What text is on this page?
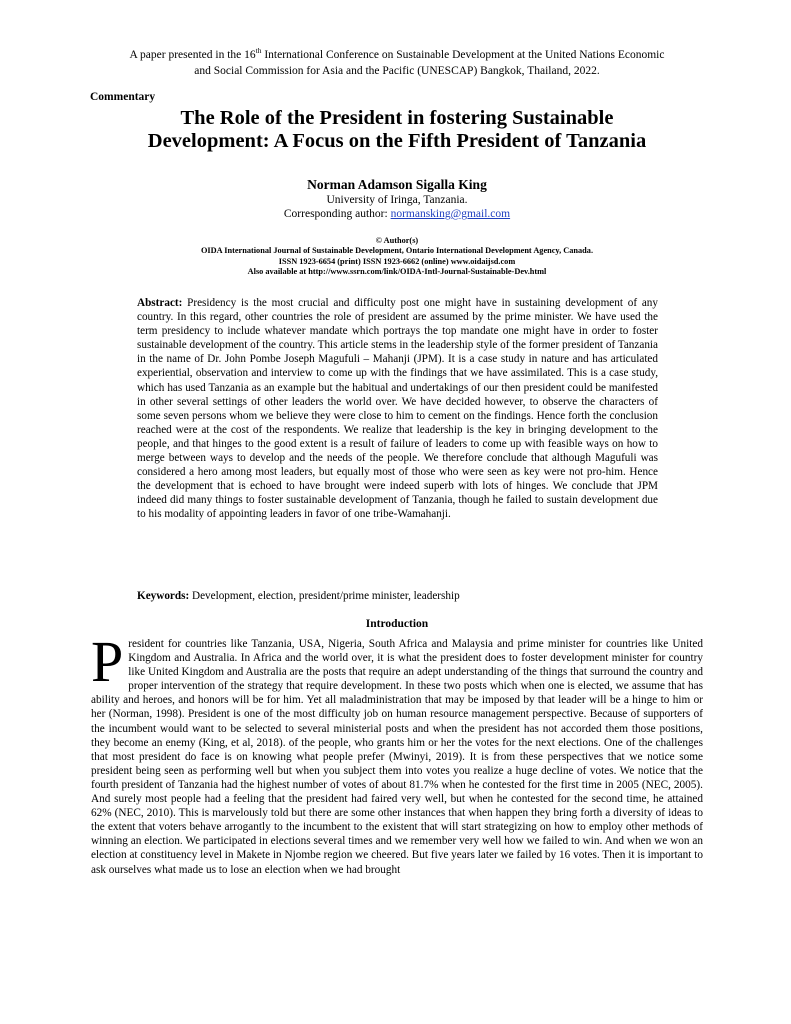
A paper presented in the 16th International Conference on Sustainable Development at the United Nations Economic
and Social Commission for Asia and the Pacific (UNESCAP) Bangkok, Thailand, 2022.
Commentary
The Role of the President in fostering Sustainable
Development: A Focus on the Fifth President of Tanzania
Norman Adamson Sigalla King
University of Iringa, Tanzania.
Corresponding author: normansking@gmail.com
© Author(s)
OIDA International Journal of Sustainable Development, Ontario International Development Agency, Canada.
ISSN 1923-6654 (print) ISSN 1923-6662 (online) www.oidaijsd.com
Also available at http://www.ssrn.com/link/OIDA-Intl-Journal-Sustainable-Dev.html
Abstract: Presidency is the most crucial and difficulty post one might have in sustaining development of any country. In this regard, other countries the role of president are assumed by the prime minister. We have used the term presidency to include whatever mandate which portrays the top mandate one might have in order to foster sustainable development of the country. This article stems in the leadership style of the former president of Tanzania in the name of Dr. John Pombe Joseph Magufuli – Mahanji (JPM). It is a case study in nature and has articulated experiential, observation and interview to come up with the findings that we have assimilated. This is a case study, which has used Tanzania as an example but the habitual and undertakings of our then president could be manifested in other several settings of other leaders the world over. We have decided however, to observe the characters of some seven persons whom we believe they were close to him to cement on the findings. Hence forth the conclusion reached were at the cost of the respondents. We realize that leadership is the key in bringing development to the people, and that hinges to the good extent is a result of failure of leaders to come up with feasible ways on how to merge between ways to develop and the needs of the people. We therefore conclude that although Magufuli was considered a hero among most leaders, but equally most of those who were seen as key were not pro-him. Hence the development that is echoed to have brought were indeed superb with lots of hinges. We conclude that JPM indeed did many things to foster sustainable development of Tanzania, though he failed to sustain development due to his modality of appointing leaders in favor of one tribe-Wamahanji.
Keywords: Development, election, president/prime minister, leadership
Introduction
President for countries like Tanzania, USA, Nigeria, South Africa and Malaysia and prime minister for countries like United Kingdom and Australia. In Africa and the world over, it is what the president does to foster development minister for country like United Kingdom and Australia are the posts that require an adept understanding of the things that surround the country and proper intervention of the strategy that require development. In these two posts which when one is elected, we assume that has ability and heroes, and honors will be for him. Yet all maladministration that may be imposed by that leader will be a hinge to him or her (Norman, 1998). President is one of the most difficulty job on human resource management perspective. Because of supporters of the incumbent would want to be selected to several ministerial posts and when the president has not accorded them those positions, they become an enemy (King, et al, 2018). of the people, who grants him or her the votes for the next elections. One of the challenges that most president do face is on knowing what people prefer (Mwinyi, 2019). It is from these perspectives that we notice some president being seen as performing well but when you subject them into votes you realize a huge decline of votes. We notice that the fourth president of Tanzania had the highest number of votes of about 81.7% when he contested for the first time in 2005 (NEC, 2005). And surely most people had a feeling that the president had faired very well, but when he contested for the second time, he attained 62% (NEC, 2010). This is marvelously told but there are some other instances that when happen they bring forth a diversity of ideas to the extent that voters behave arrogantly to the incumbent to the existent that will start strategizing on how to employ other methods of winning an election. We participated in elections several times and we remember very well how we failed to win. And when we won an election at constituency level in Makete in Njombe region we cheered. But five years later we failed by 16 votes. Then it is important to ask ourselves what made us to lose an election when we had brought
